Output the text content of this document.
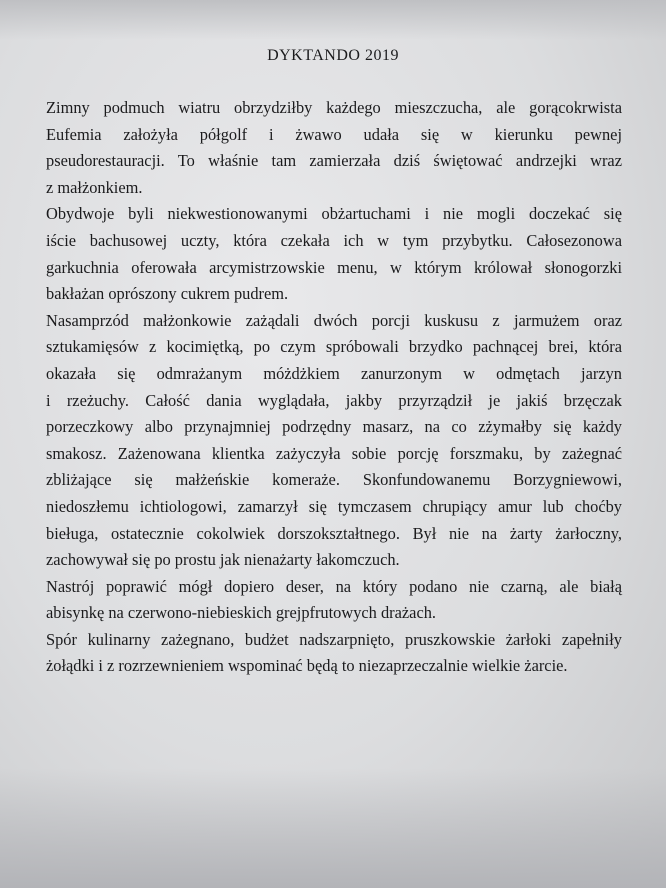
DYKTANDO 2019

Zimny podmuch wiatru obrzydziłby każdego mieszczucha, ale gorącokrwista
Eufemia założyła półgolf i żwawo udała się w kierunku pewnej
pseudorestauracji. To właśnie tam zamierzała dziś świętować andrzejki wraz
z małżonkiem.

Obydwoje byli niekwestionowanymi obżartuchami i nie mogli doczekać się
iście bachusowej uczty, która czekała ich w tym przybytku. Całosezonowa
garkuchnia oferowała arcymistrzowskie menu, w którym królował słonogorzki
bakłażan oprószony cukrem pudrem.

Nasamprzód małżonkowie zażądali dwóch porcji kuskusu z jarmużem oraz
sztukamięsów z kocimiętką, po czym spróbowali brzydko pachnącej brei, która
okazała się odmrażanym móżdżkiem zanurzonym w odmętach jarzyn
i rzeżuchy. Całość dania wyglądała, jakby przyrządził je jakiś brzęczak
porzeczkowy albo przynajmniej podrzędny masarz, na co zżymałby się każdy
smakosz. Zażenowana klientka zażyczyła sobie porcję forszmaku, by zażegnać
zbliżające się małżeńskie komeraże. Skonfundowanemu Borzygniewowi,
niedoszłemu ichtiologowi, zamarzył się tymczasem chrupiący amur lub choćby
bieługa, ostatecznie cokolwiek dorszokształtnego. Był nie na żarty żarłoczny,
zachowywał się po prostu jak nienażarty łakomczuch.

Nastrój poprawić mógł dopiero deser, na który podano nie czarną, ale białą
abisynkę na czerwono-niebieskich grejpfrutowych drażach.

Spór kulinarny zażegnano, budżet nadszarpnięto, pruszkowskie żarłoki zapełniły
żołądki i z rozrzewnieniem wspominać będą to niezaprzeczalnie wielkie żarcie.
